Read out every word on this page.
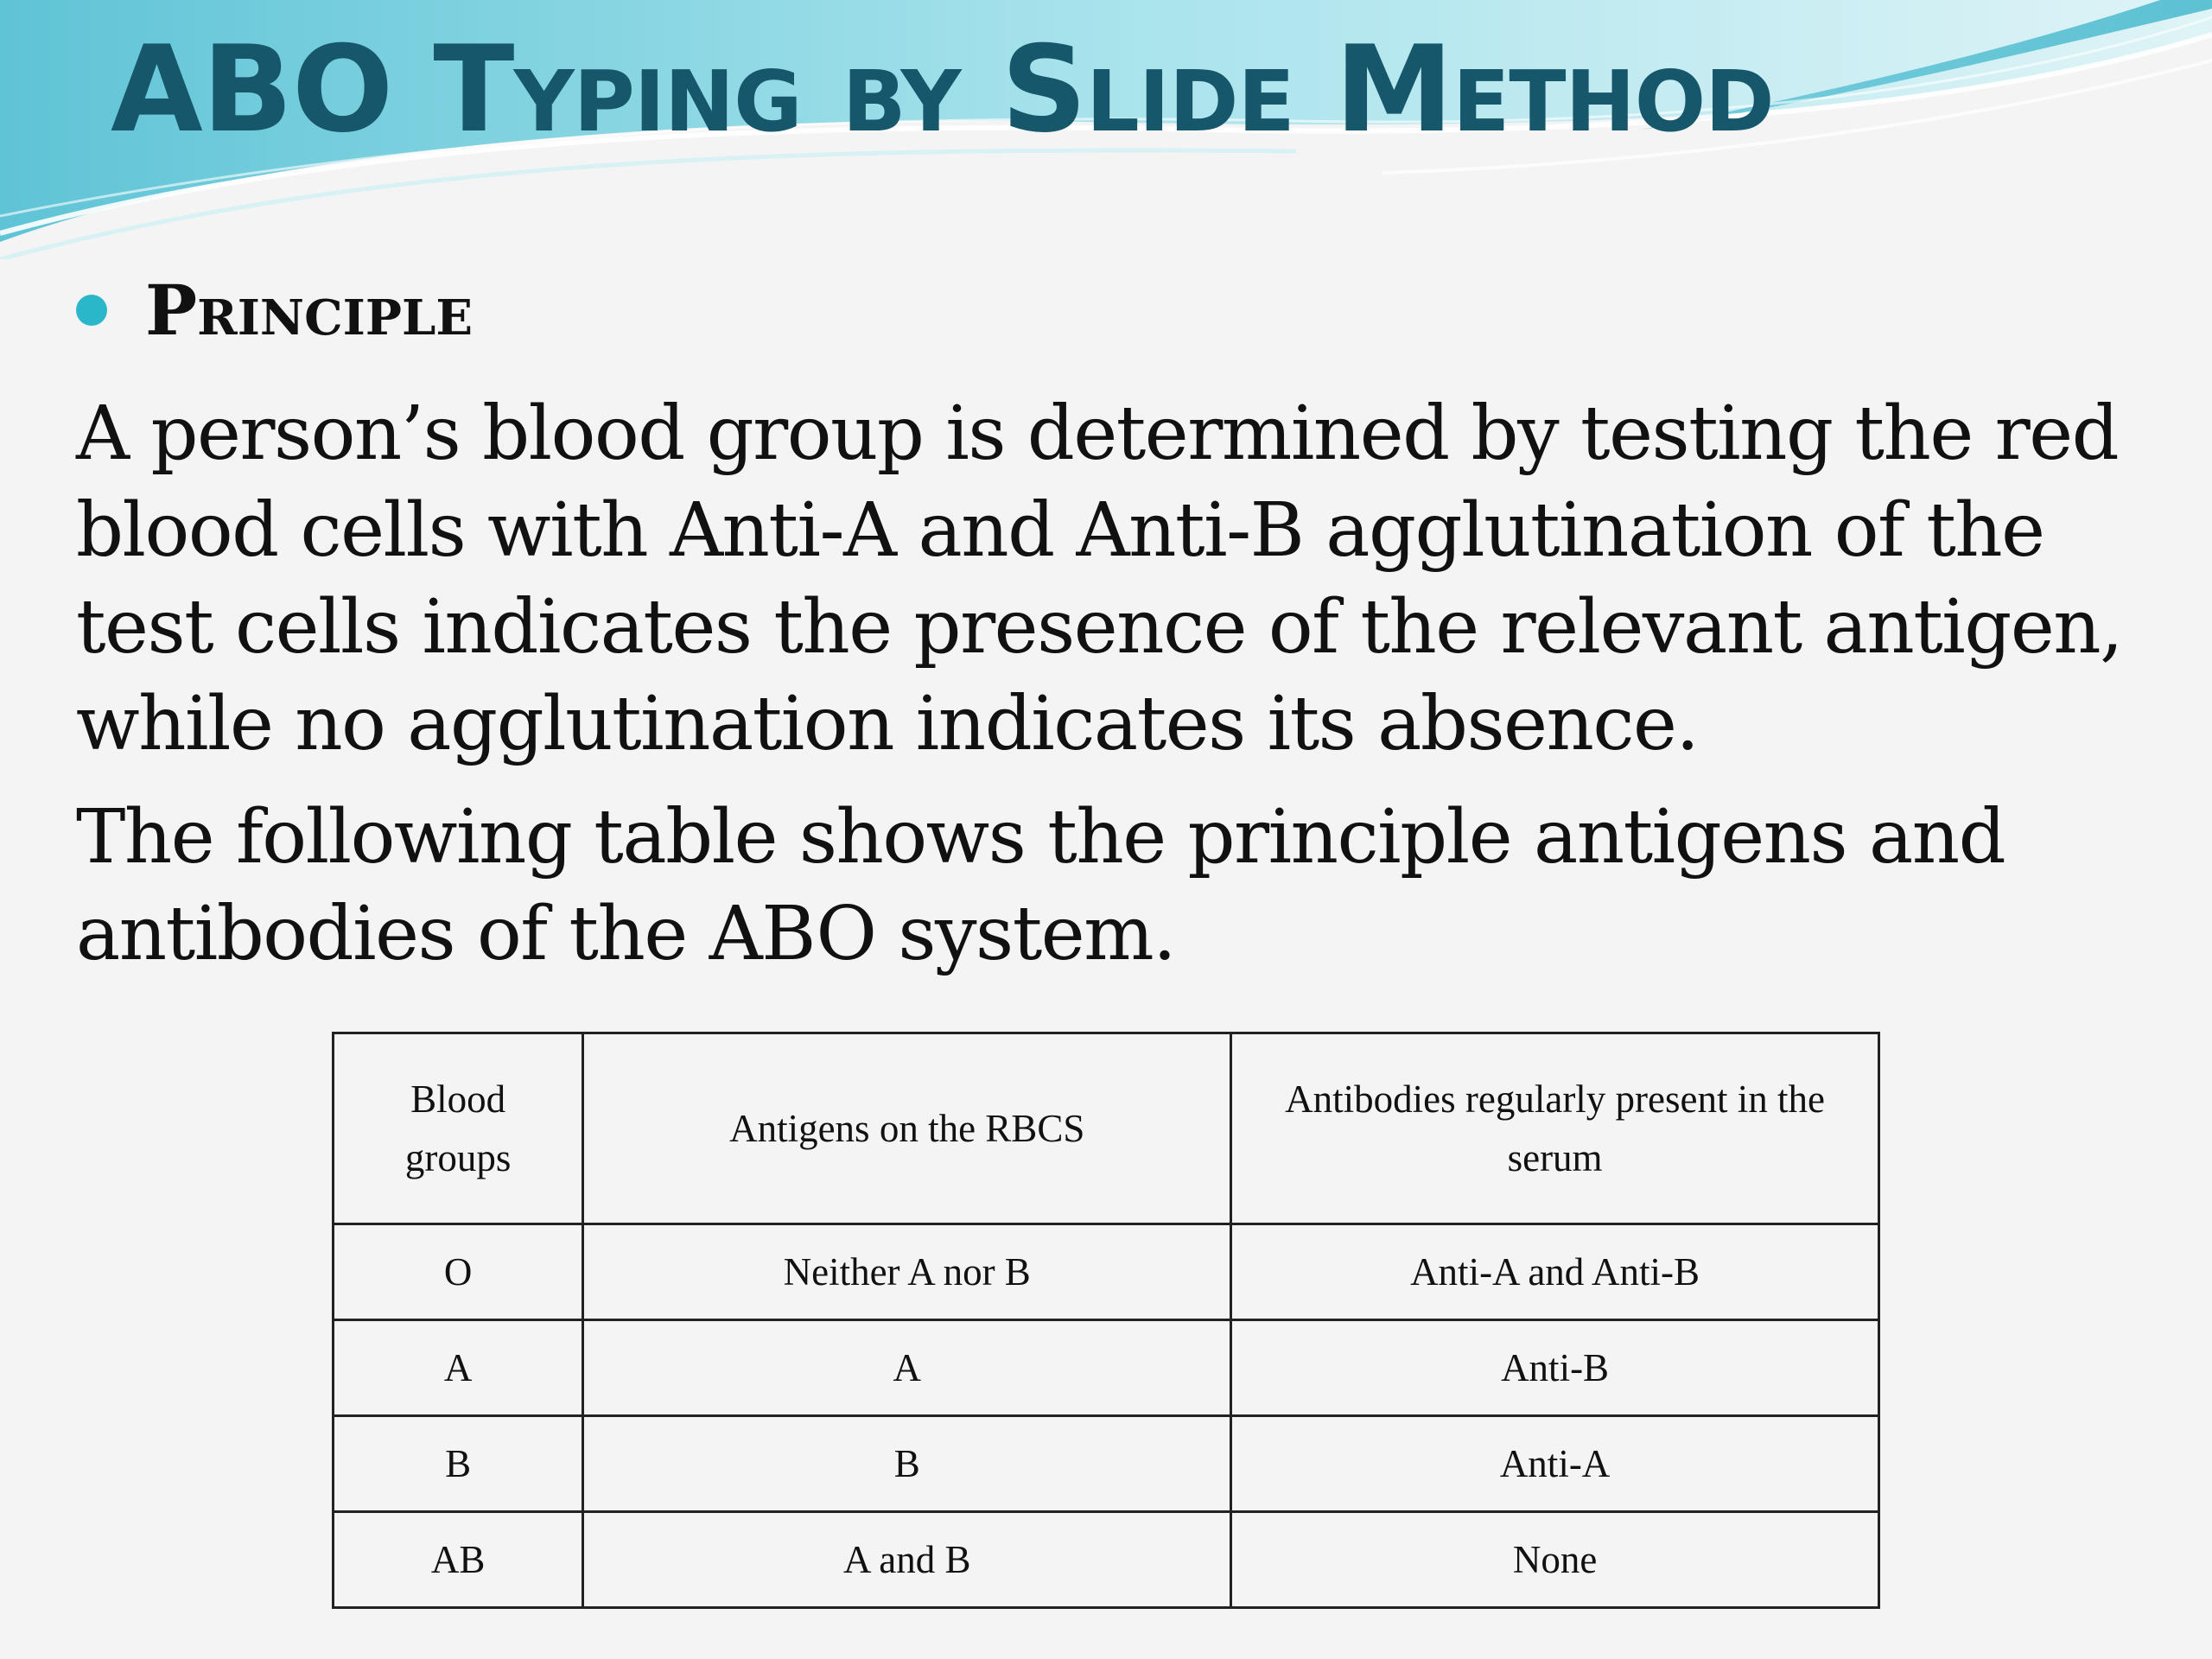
ABO Typing by Slide Method
Principle

A person’s blood group is determined by testing the red blood cells with Anti-A and Anti-B agglutination of the test cells indicates the presence of the relevant antigen, while no agglutination indicates its absence.

The following table shows the principle antigens and antibodies of the ABO system.

Blood groups	Antigens on the RBCS	Antibodies regularly present in the serum
O	Neither A nor B	Anti-A and Anti-B
A	A	Anti-B
B	B	Anti-A
AB	A and B	None
